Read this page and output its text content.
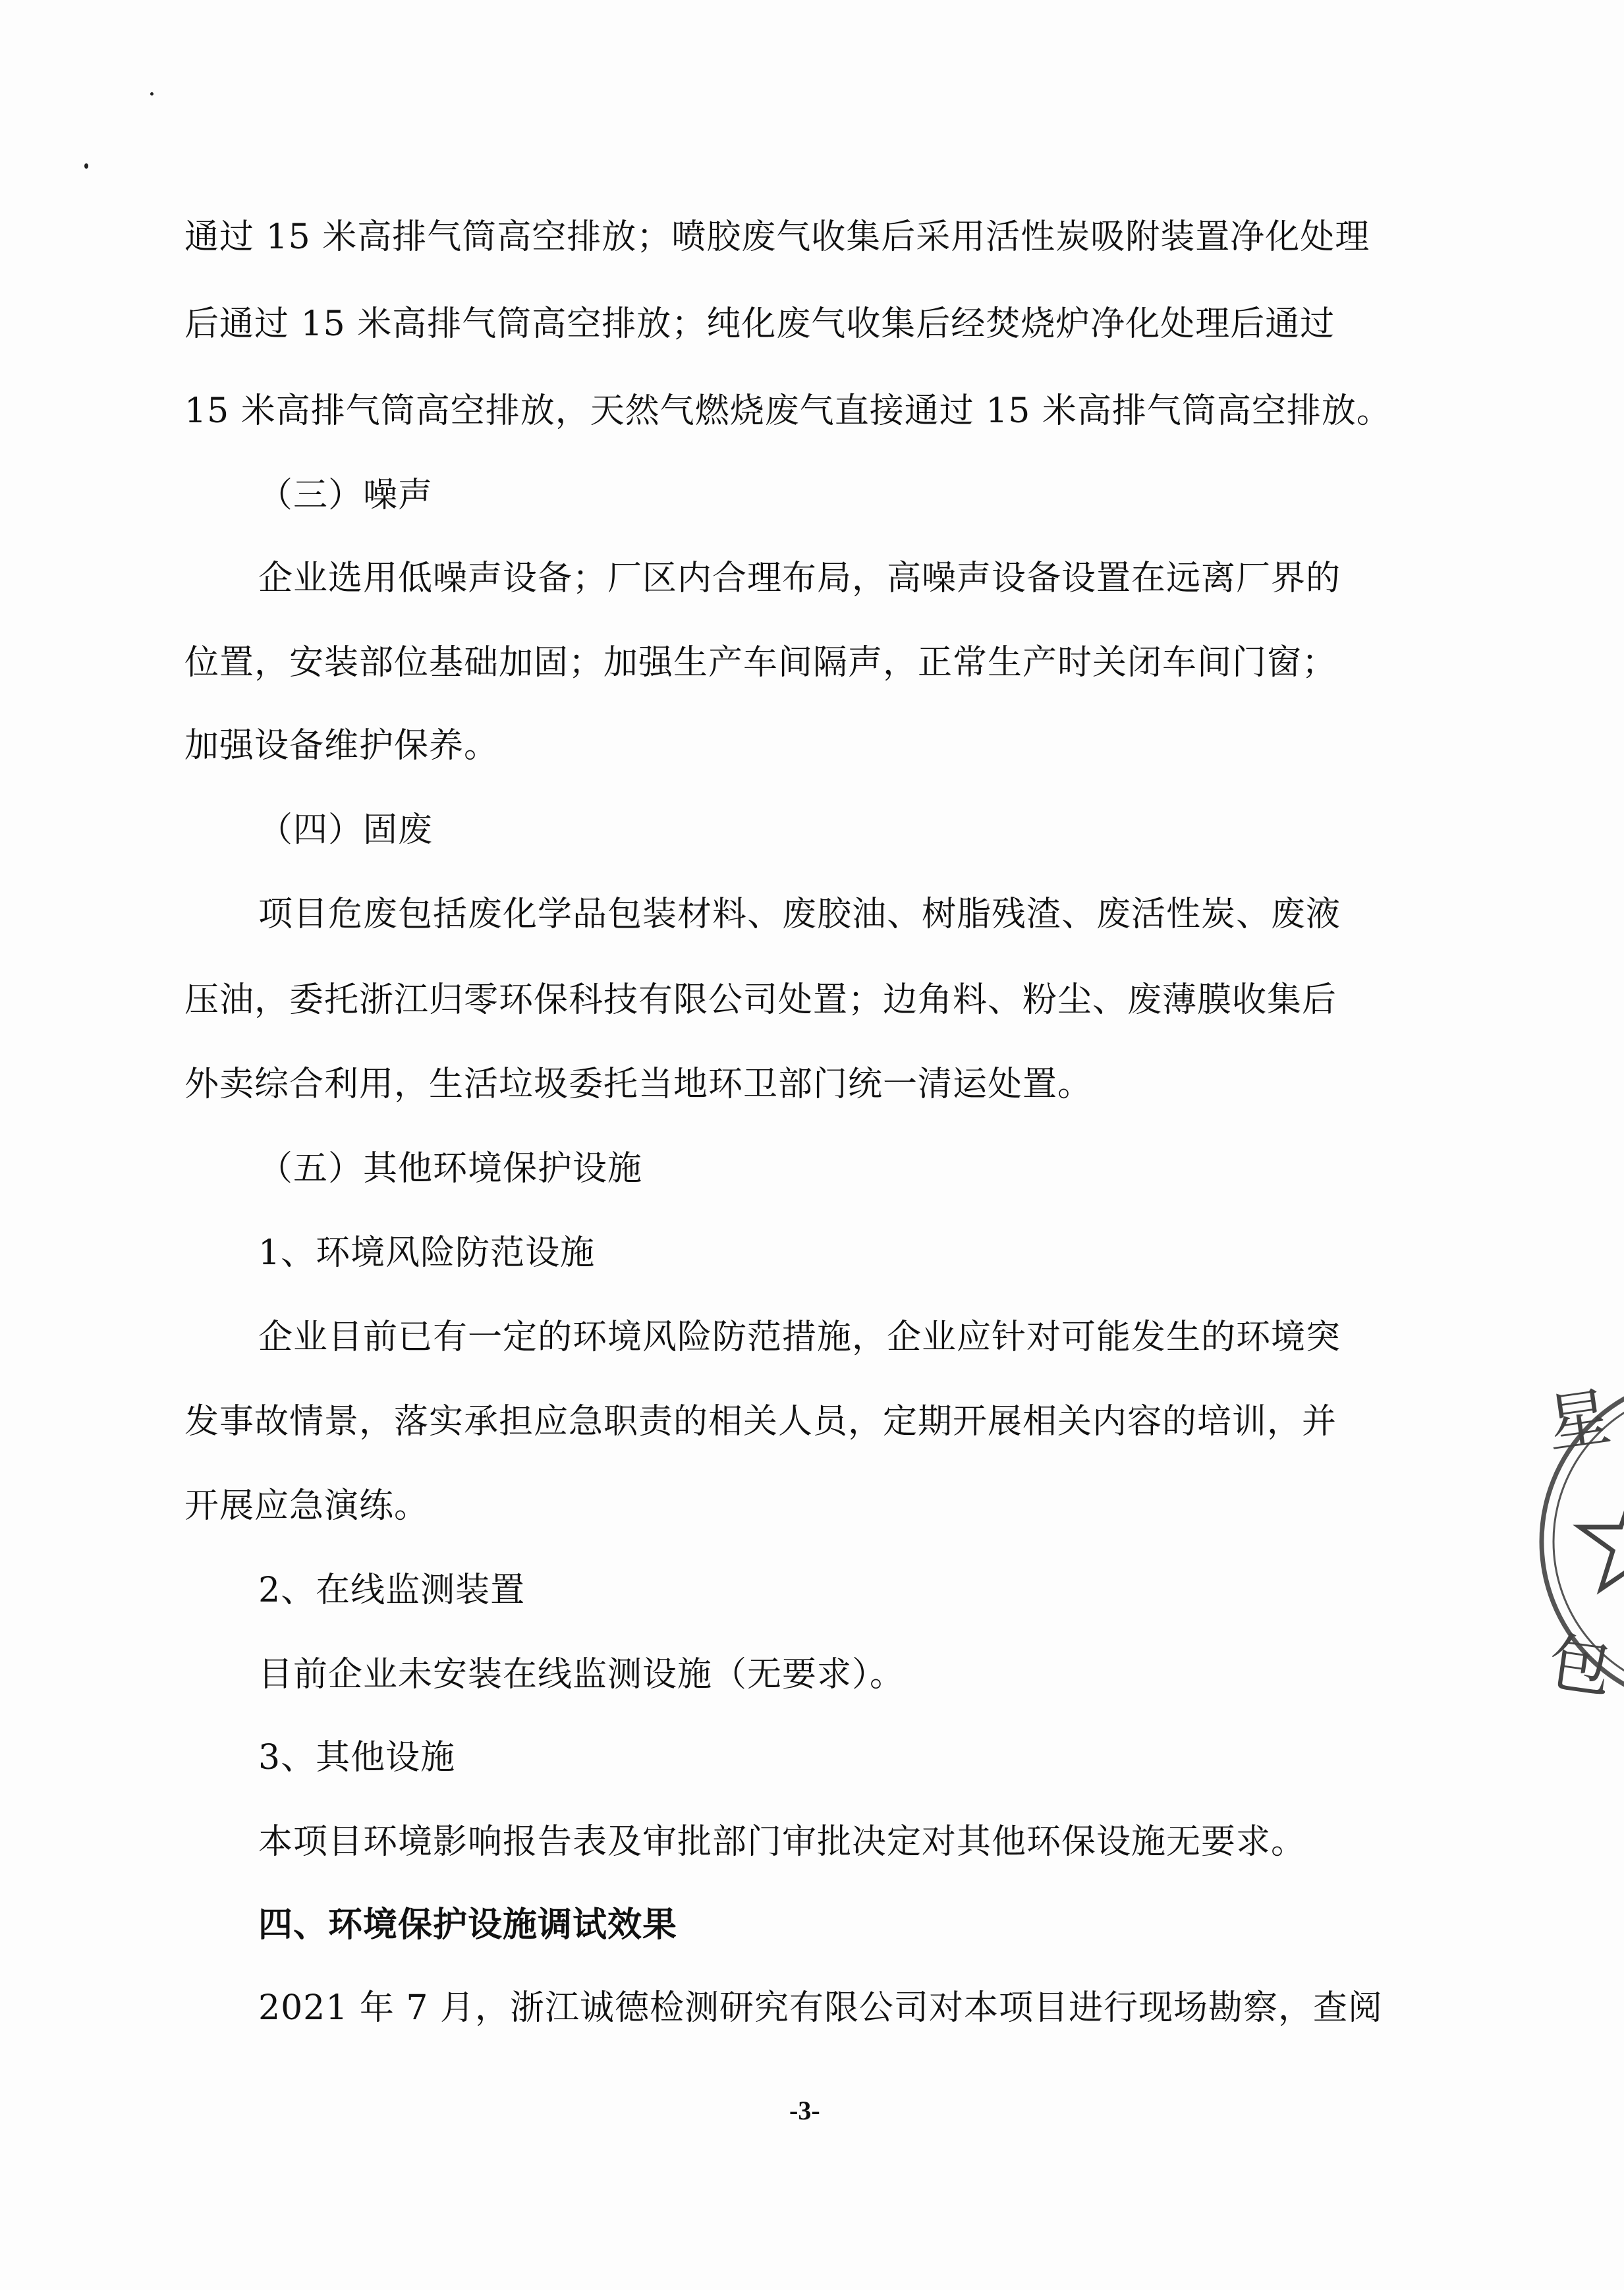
通过 15 米高排气筒高空排放；喷胶废气收集后采用活性炭吸附装置净化处理
后通过 15 米高排气筒高空排放；纯化废气收集后经焚烧炉净化处理后通过
15 米高排气筒高空排放，天然气燃烧废气直接通过 15 米高排气筒高空排放。
（三）噪声
企业选用低噪声设备；厂区内合理布局，高噪声设备设置在远离厂界的
位置，安装部位基础加固；加强生产车间隔声，正常生产时关闭车间门窗；
加强设备维护保养。
（四）固废
项目危废包括废化学品包装材料、废胶油、树脂残渣、废活性炭、废液
压油，委托浙江归零环保科技有限公司处置；边角料、粉尘、废薄膜收集后
外卖综合利用，生活垃圾委托当地环卫部门统一清运处置。
（五）其他环境保护设施
1、环境风险防范设施
企业目前已有一定的环境风险防范措施，企业应针对可能发生的环境突
发事故情景，落实承担应急职责的相关人员，定期开展相关内容的培训，并
开展应急演练。
2、在线监测装置
目前企业未安装在线监测设施（无要求）。
3、其他设施
本项目环境影响报告表及审批部门审批决定对其他环保设施无要求。
四、环境保护设施调试效果
2021 年 7 月，浙江诚德检测研究有限公司对本项目进行现场勘察，查阅
-3-
星
包
